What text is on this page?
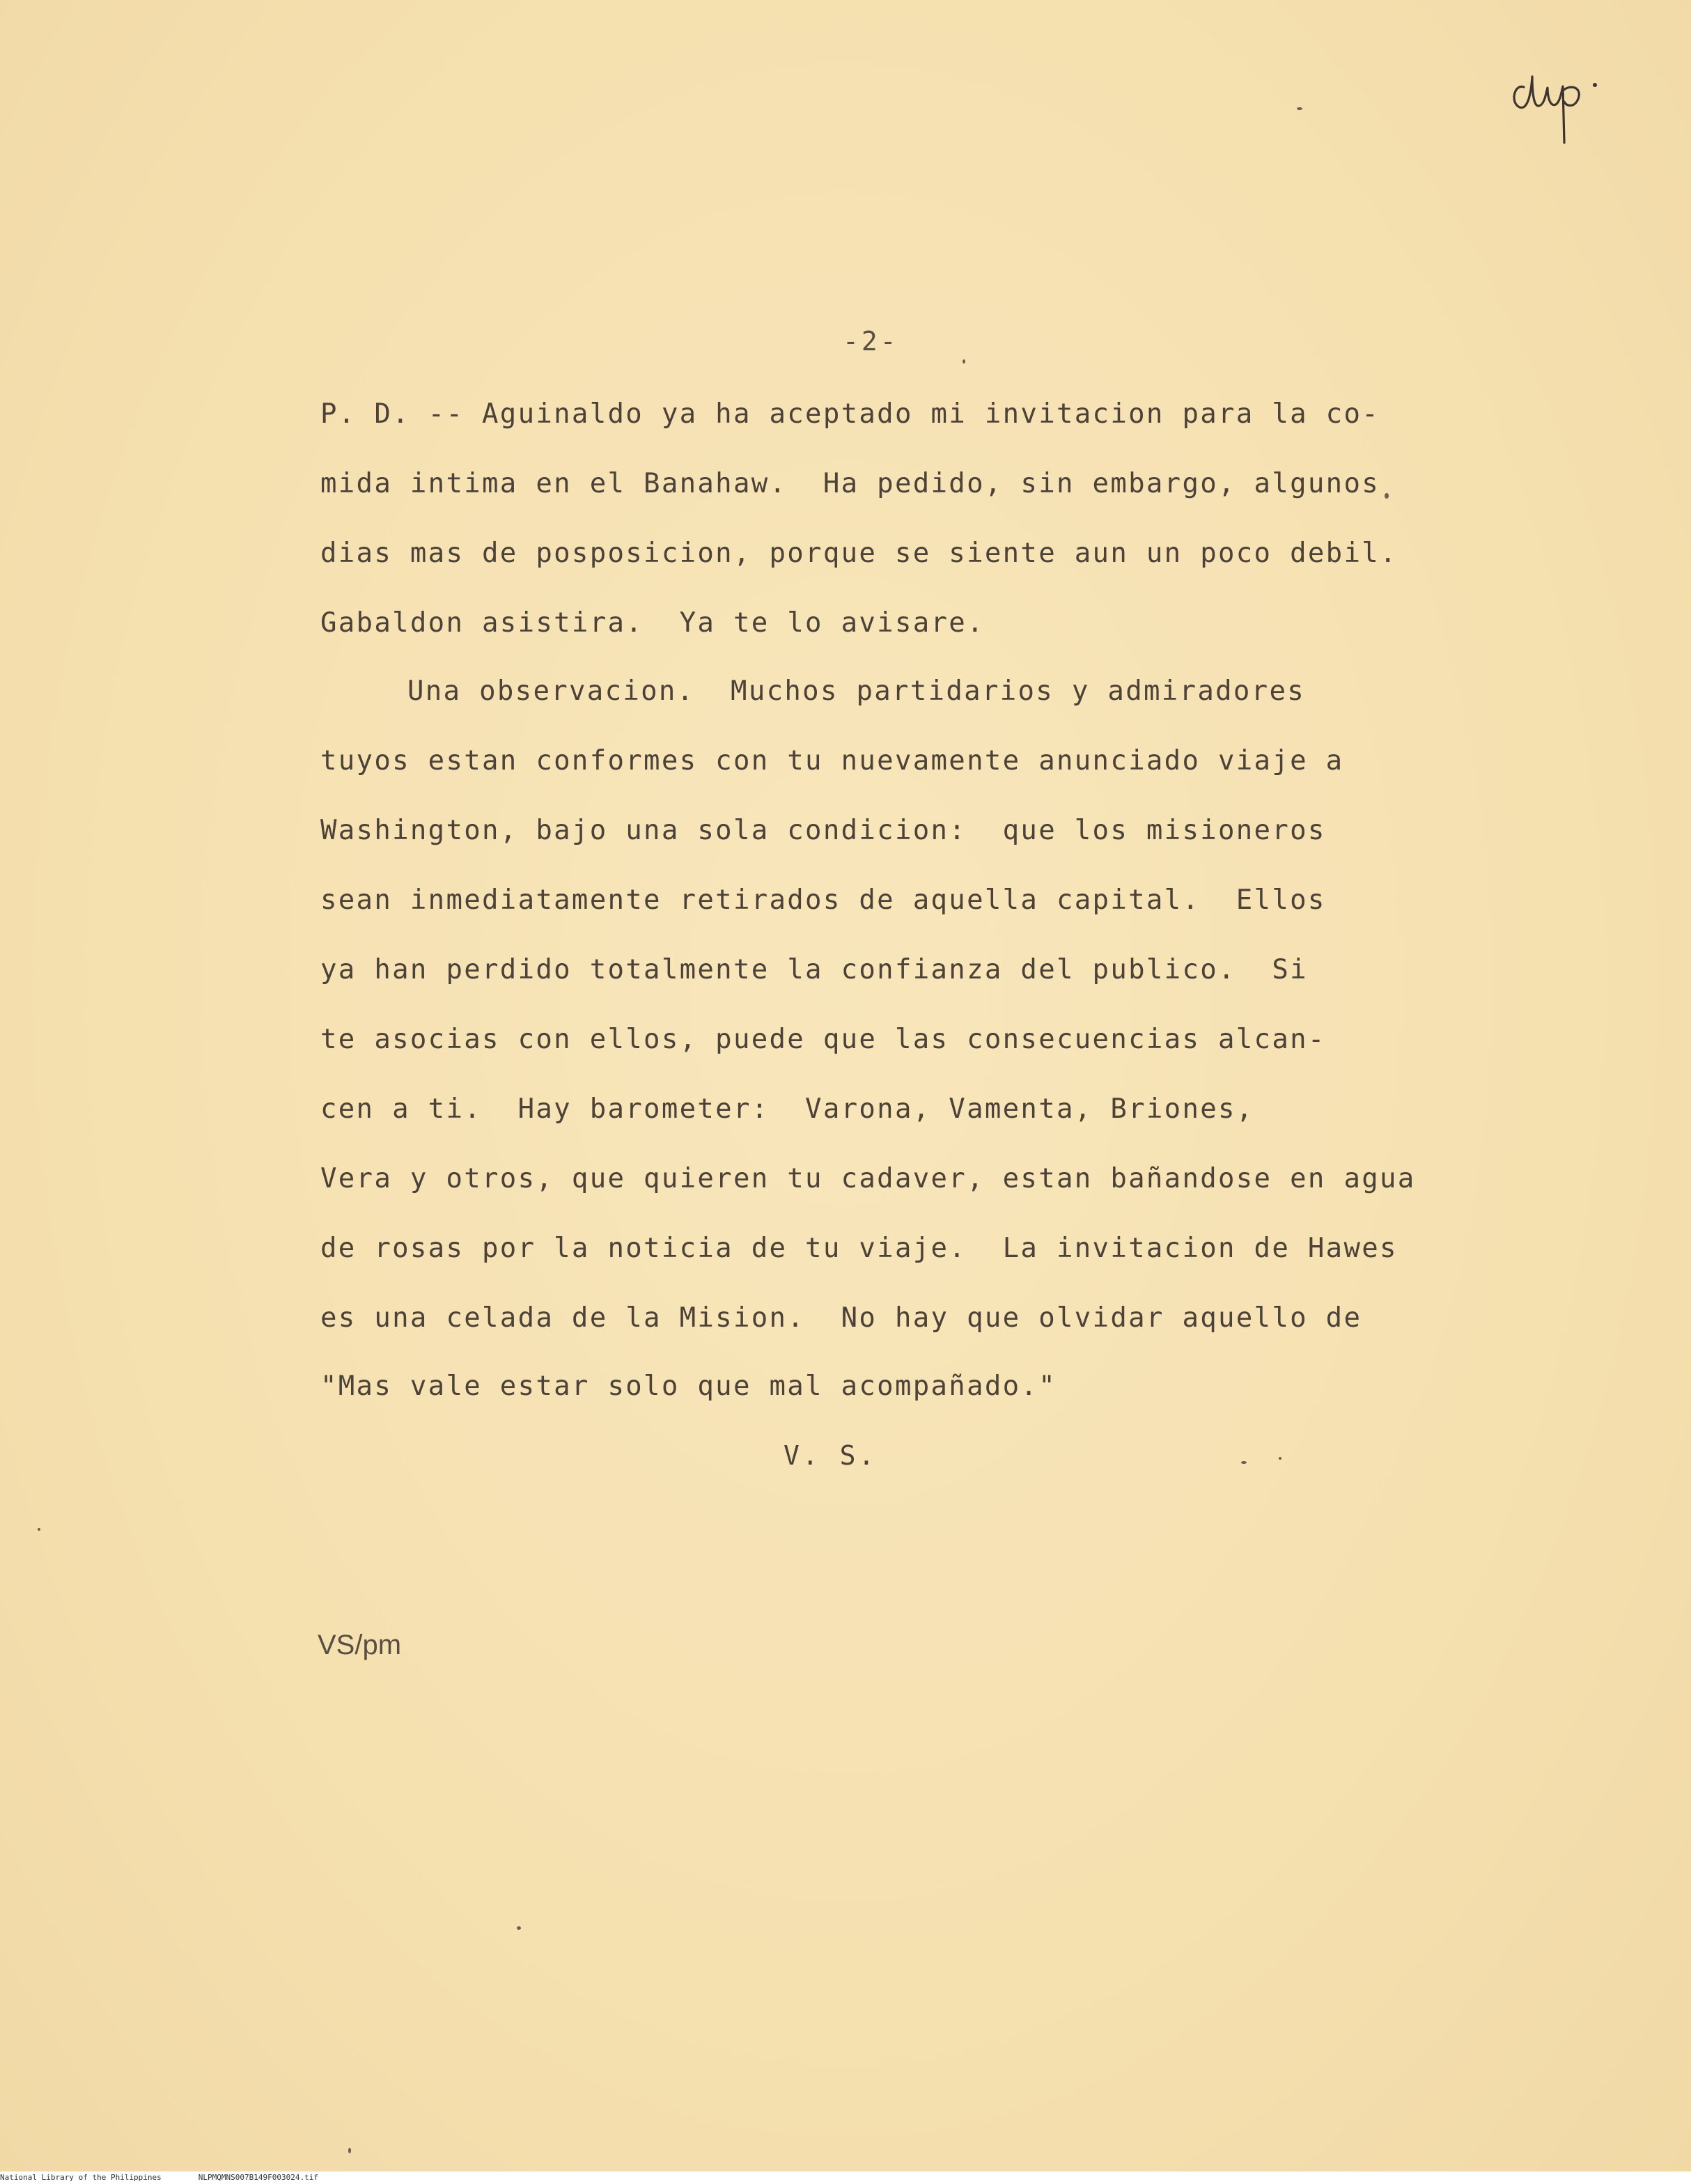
-2-
P. D. -- Aguinaldo ya ha aceptado mi invitacion para la co-
mida intima en el Banahaw.  Ha pedido, sin embargo, algunos
dias mas de posposicion, porque se siente aun un poco debil.
Gabaldon asistira.  Ya te lo avisare.
Una observacion.  Muchos partidarios y admiradores
tuyos estan conformes con tu nuevamente anunciado viaje a
Washington, bajo una sola condicion:  que los misioneros
sean inmediatamente retirados de aquella capital.  Ellos
ya han perdido totalmente la confianza del publico.  Si
te asocias con ellos, puede que las consecuencias alcan-
cen a ti.  Hay barometer:  Varona, Vamenta, Briones,
Vera y otros, que quieren tu cadaver, estan bañandose en agua
de rosas por la noticia de tu viaje.  La invitacion de Hawes
es una celada de la Mision.  No hay que olvidar aquello de
"Mas vale estar solo que mal acompañado."
V. S.
VS/pm
National Library of the Philippines	NLPMQMNS007B149F003024.tif
